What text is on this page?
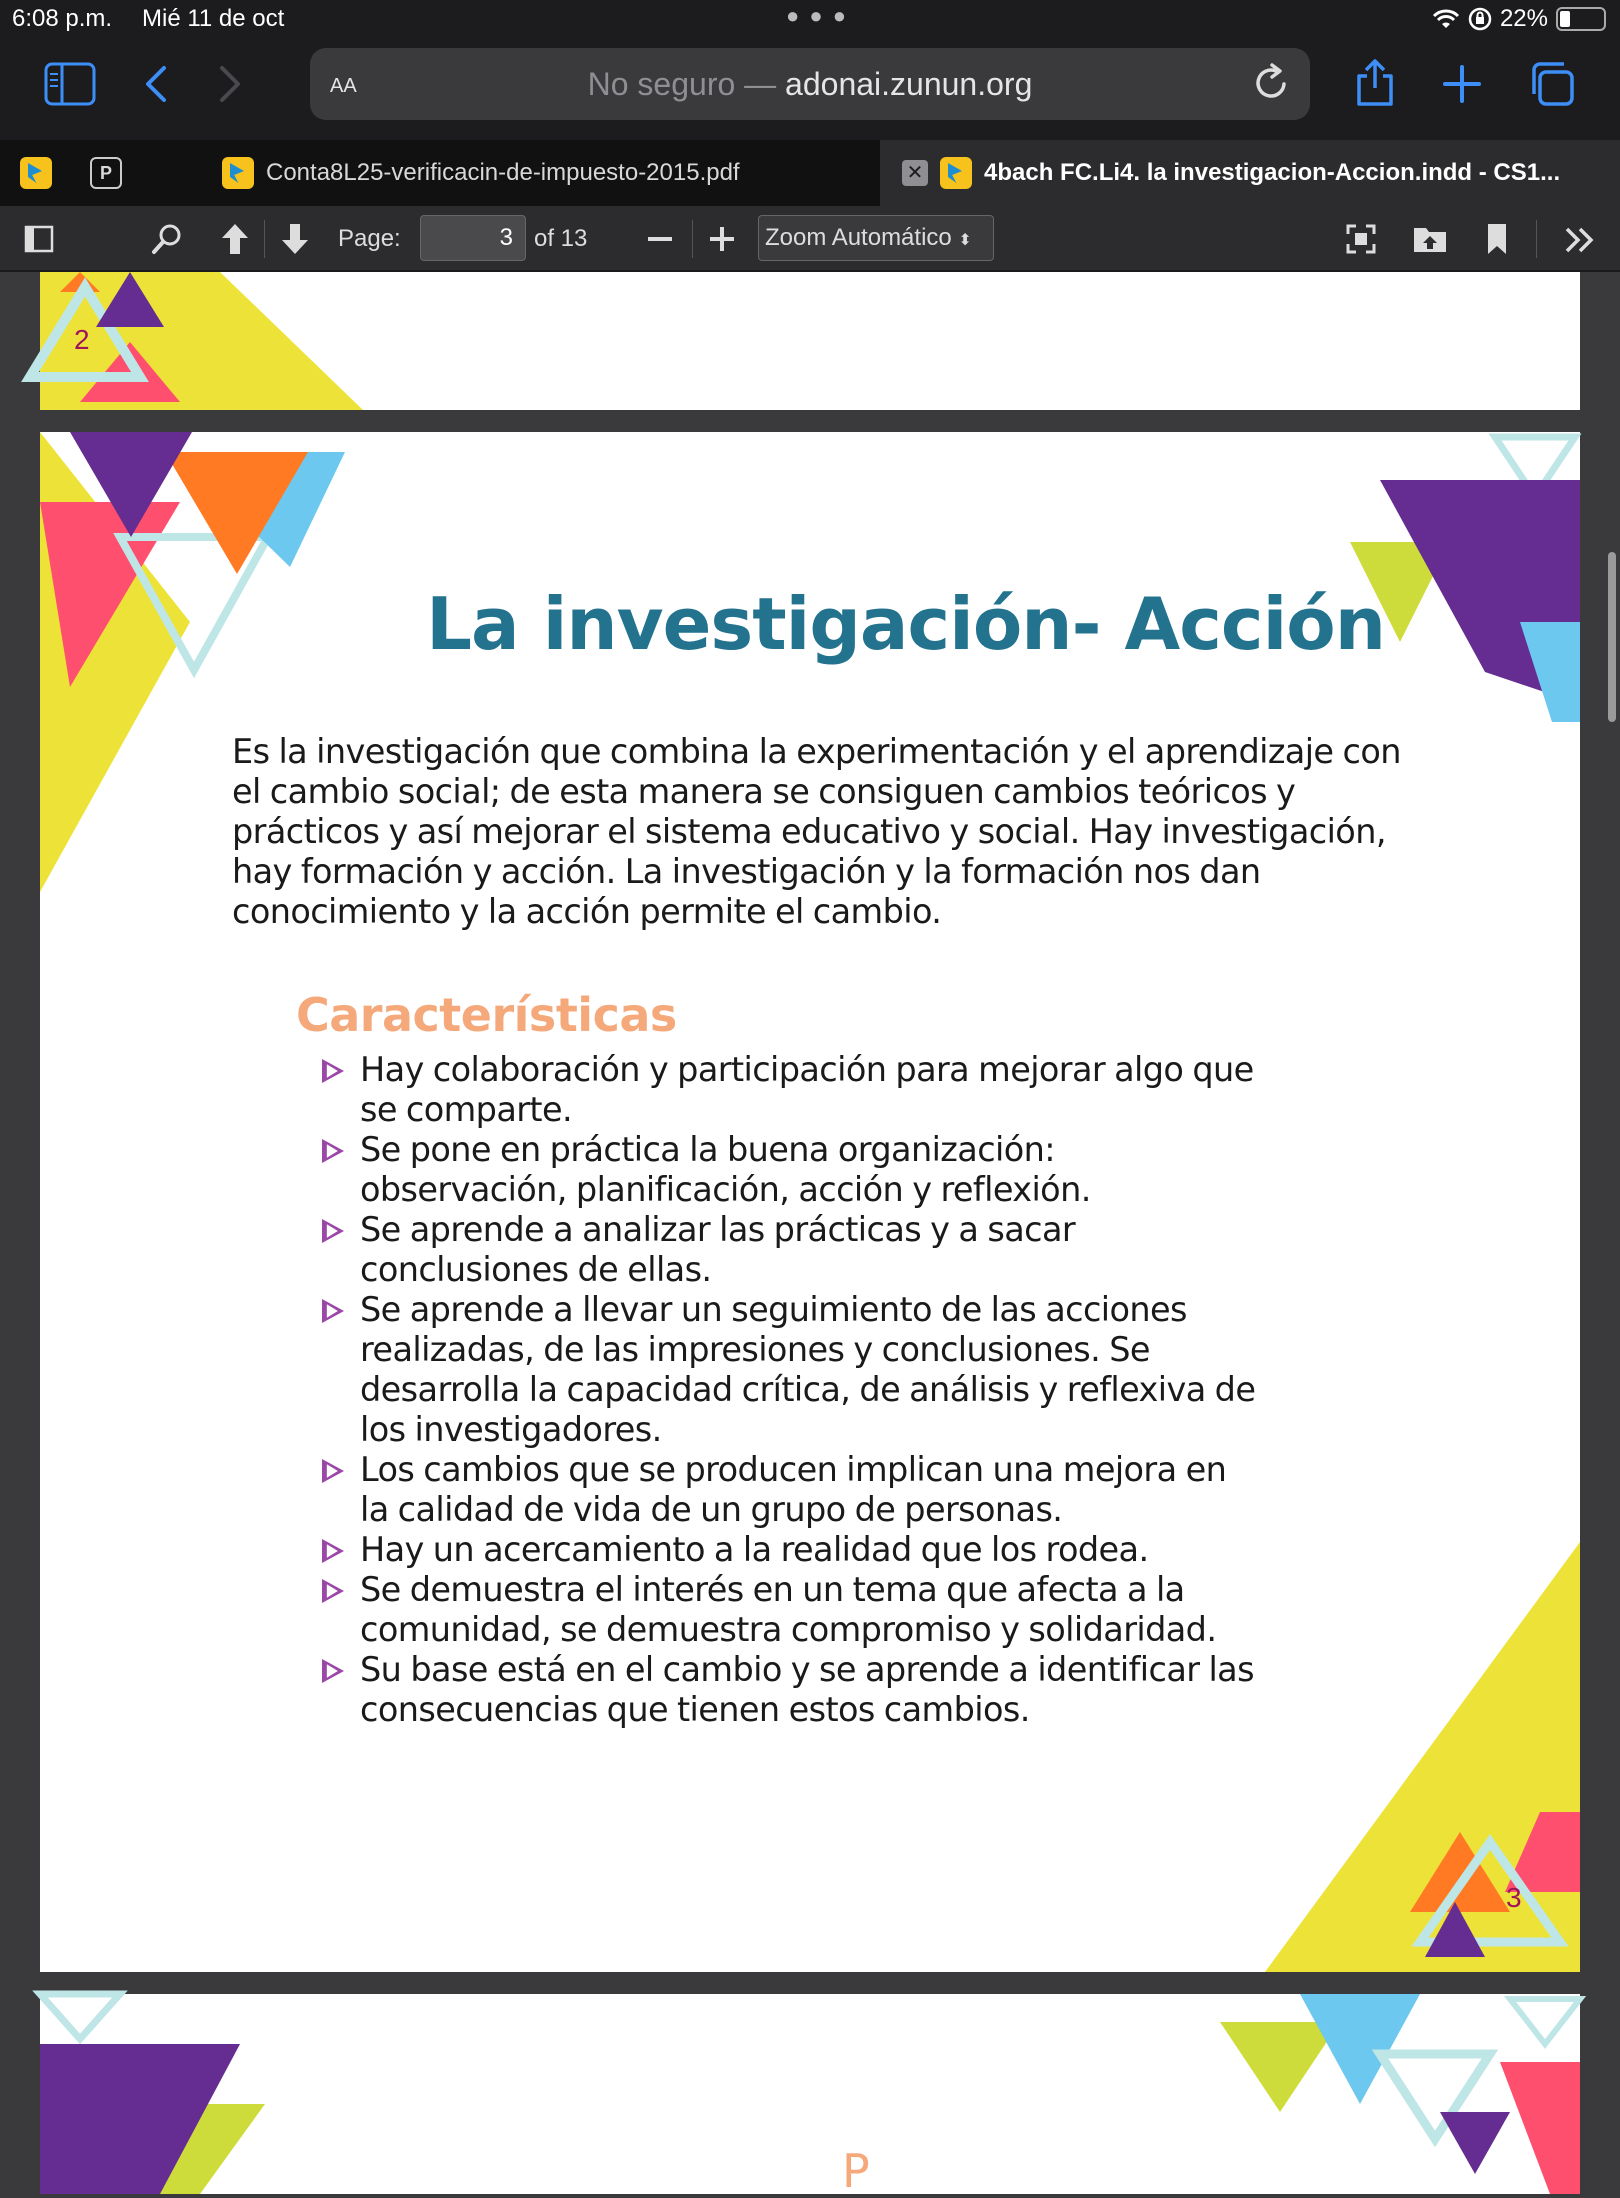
6:08 p.m. Mié 11 de oct	● ● ●	22%
AA	No seguro — adonai.zunun.org
P	Conta8L25-verificacin-de-impuesto-2015.pdf	✕	4bach FC.Li4. la investigacion-Accion.indd - CS1...
Page:
3	of 13	Zoom Automático ⬍
2
La investigación- Acción

Es la investigación que combina la experimentación y el aprendizaje con el cambio social; de esta manera se consiguen cambios teóricos y prácticos y así mejorar el sistema educativo y social. Hay investigación, hay formación y acción. La investigación y la formación nos dan conocimiento y la acción permite el cambio.

Características
Hay colaboración y participación para mejorar algo que se comparte.
Se pone en práctica la buena organización: observación, planificación, acción y reflexión.
Se aprende a analizar las prácticas y a sacar conclusiones de ellas.
Se aprende a llevar un seguimiento de las acciones realizadas, de las impresiones y conclusiones. Se desarrolla la capacidad crítica, de análisis y reflexiva de los investigadores.
Los cambios que se producen implican una mejora en la calidad de vida de un grupo de personas.
Hay un acercamiento a la realidad que los rodea.
Se demuestra el interés en un tema que afecta a la comunidad, se demuestra compromiso y solidaridad.
Su base está en el cambio y se aprende a identificar las consecuencias que tienen estos cambios.
3
P
